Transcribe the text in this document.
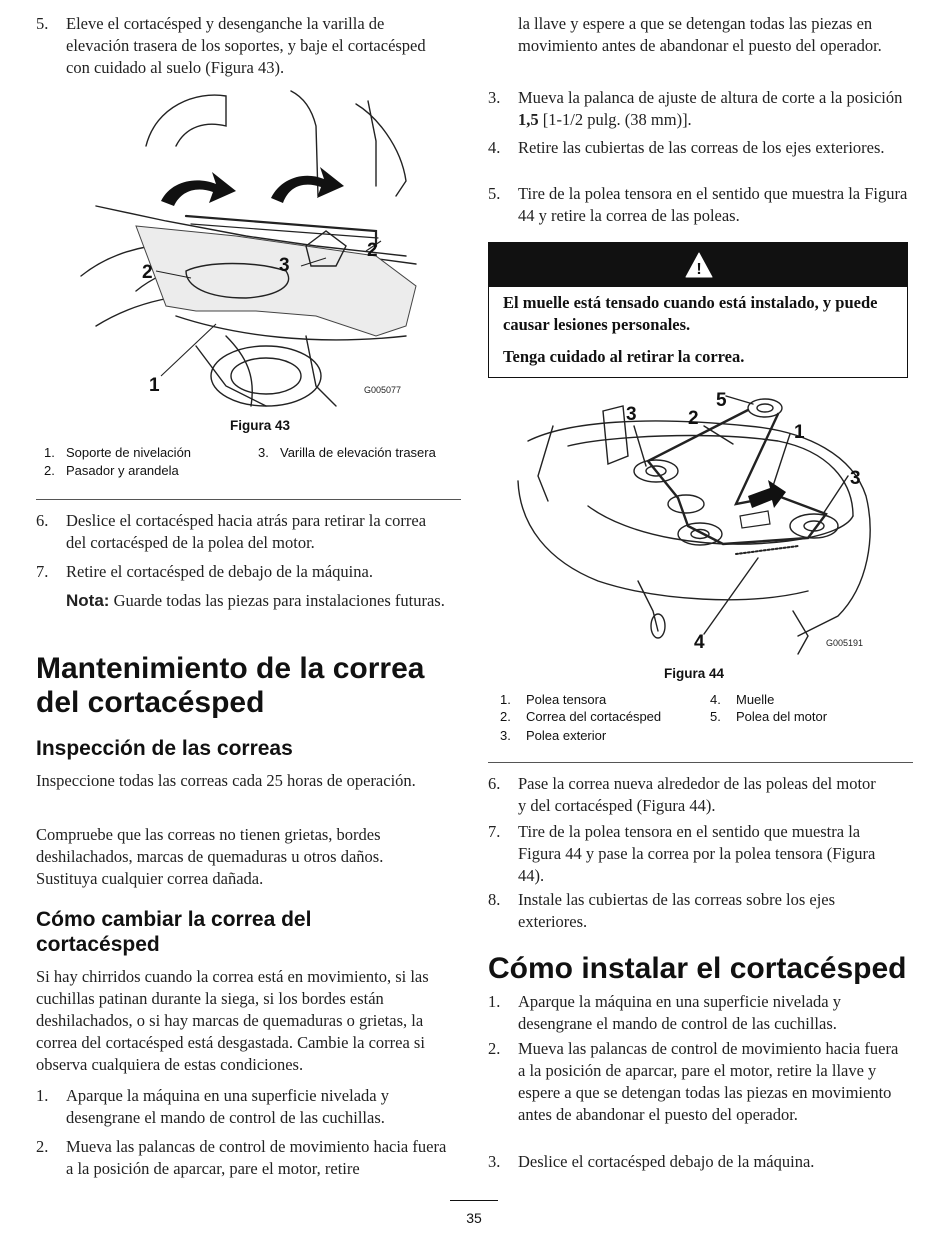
5. Eleve el cortacésped y desenganche la varilla de elevación trasera de los soportes, y baje el cortacésped con cuidado al suelo (Figura 43).
1
2	3
2
G005077
Figura 43
1. Soporte de nivelación
2. Pasador y arandela
3. Varilla de elevación trasera
6. Deslice el cortacésped hacia atrás para retirar la correa del cortacésped de la polea del motor.
7. Retire el cortacésped de debajo de la máquina.
Nota: Guarde todas las piezas para instalaciones futuras.
Mantenimiento de la correa del cortacésped
Inspección de las correas
Inspeccione todas las correas cada 25 horas de operación.
Compruebe que las correas no tienen grietas, bordes deshilachados, marcas de quemaduras u otros daños. Sustituya cualquier correa dañada.
Cómo cambiar la correa del cortacésped
Si hay chirridos cuando la correa está en movimiento, si las cuchillas patinan durante la siega, si los bordes están deshilachados, o si hay marcas de quemaduras o grietas, la correa del cortacésped está desgastada. Cambie la correa si observa cualquiera de estas condiciones.
1. Aparque la máquina en una superficie nivelada y desengrane el mando de control de las cuchillas.
2. Mueva las palancas de control de movimiento hacia fuera a la posición de aparcar, pare el motor, retire
la llave y espere a que se detengan todas las piezas en movimiento antes de abandonar el puesto del operador.
3. Mueva la palanca de ajuste de altura de corte a la posición 1,5 [1-1/2 pulg. (38 mm)].
4. Retire las cubiertas de las correas de los ejes exteriores.
5. Tire de la polea tensora en el sentido que muestra la Figura 44 y retire la correa de las poleas.
!
El muelle está tensado cuando está instalado, y puede causar lesiones personales.
Tenga cuidado al retirar la correa.
5
3	2
1
3
4	G005191
Figura 44
1. Polea tensora
2. Correa del cortacésped
3. Polea exterior
4. Muelle
5. Polea del motor
6. Pase la correa nueva alrededor de las poleas del motor y del cortacésped (Figura 44).
7. Tire de la polea tensora en el sentido que muestra la Figura 44 y pase la correa por la polea tensora (Figura 44).
8. Instale las cubiertas de las correas sobre los ejes exteriores.
Cómo instalar el cortacésped
1. Aparque la máquina en una superficie nivelada y desengrane el mando de control de las cuchillas.
2. Mueva las palancas de control de movimiento hacia fuera a la posición de aparcar, pare el motor, retire la llave y espere a que se detengan todas las piezas en movimiento antes de abandonar el puesto del operador.
3. Deslice el cortacésped debajo de la máquina.
35
